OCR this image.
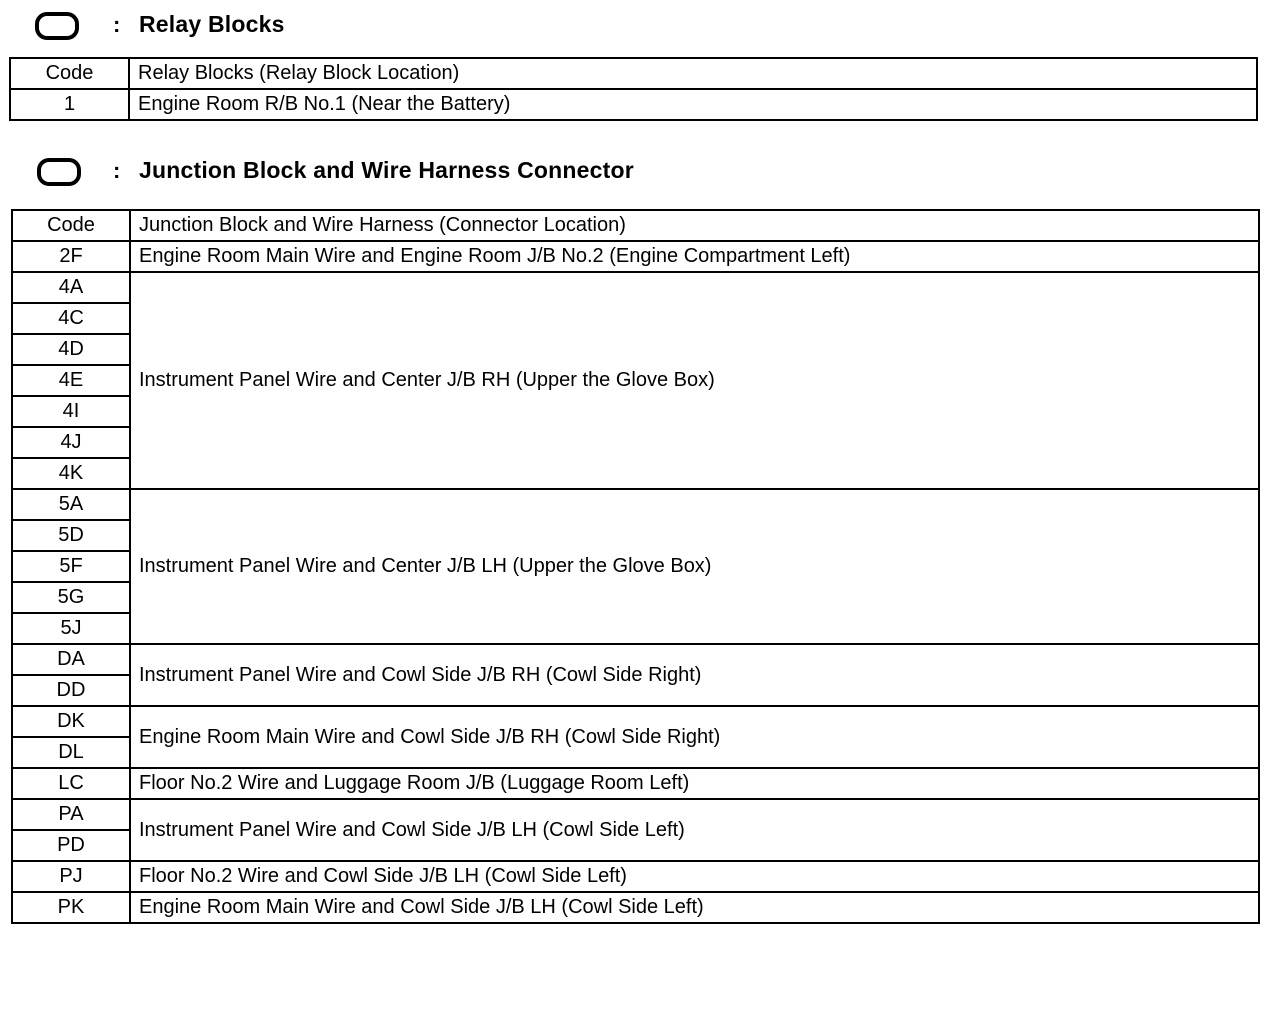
: Relay Blocks
Code	Relay Blocks (Relay Block Location)
1	Engine Room R/B No.1 (Near the Battery)
: Junction Block and Wire Harness Connector
Code	Junction Block and Wire Harness (Connector Location)
2F	Engine Room Main Wire and Engine Room J/B No.2 (Engine Compartment Left)
4A	Instrument Panel Wire and Center J/B RH (Upper the Glove Box)
4C	
4D	
4E	
4I	
4J	
4K	
5A	Instrument Panel Wire and Center J/B LH (Upper the Glove Box)
5D	
5F	
5G	
5J	
DA	Instrument Panel Wire and Cowl Side J/B RH (Cowl Side Right)
DD	
DK	Engine Room Main Wire and Cowl Side J/B RH (Cowl Side Right)
DL	
LC	Floor No.2 Wire and Luggage Room J/B (Luggage Room Left)
PA	Instrument Panel Wire and Cowl Side J/B LH (Cowl Side Left)
PD	
PJ	Floor No.2 Wire and Cowl Side J/B LH (Cowl Side Left)
PK	Engine Room Main Wire and Cowl Side J/B LH (Cowl Side Left)
